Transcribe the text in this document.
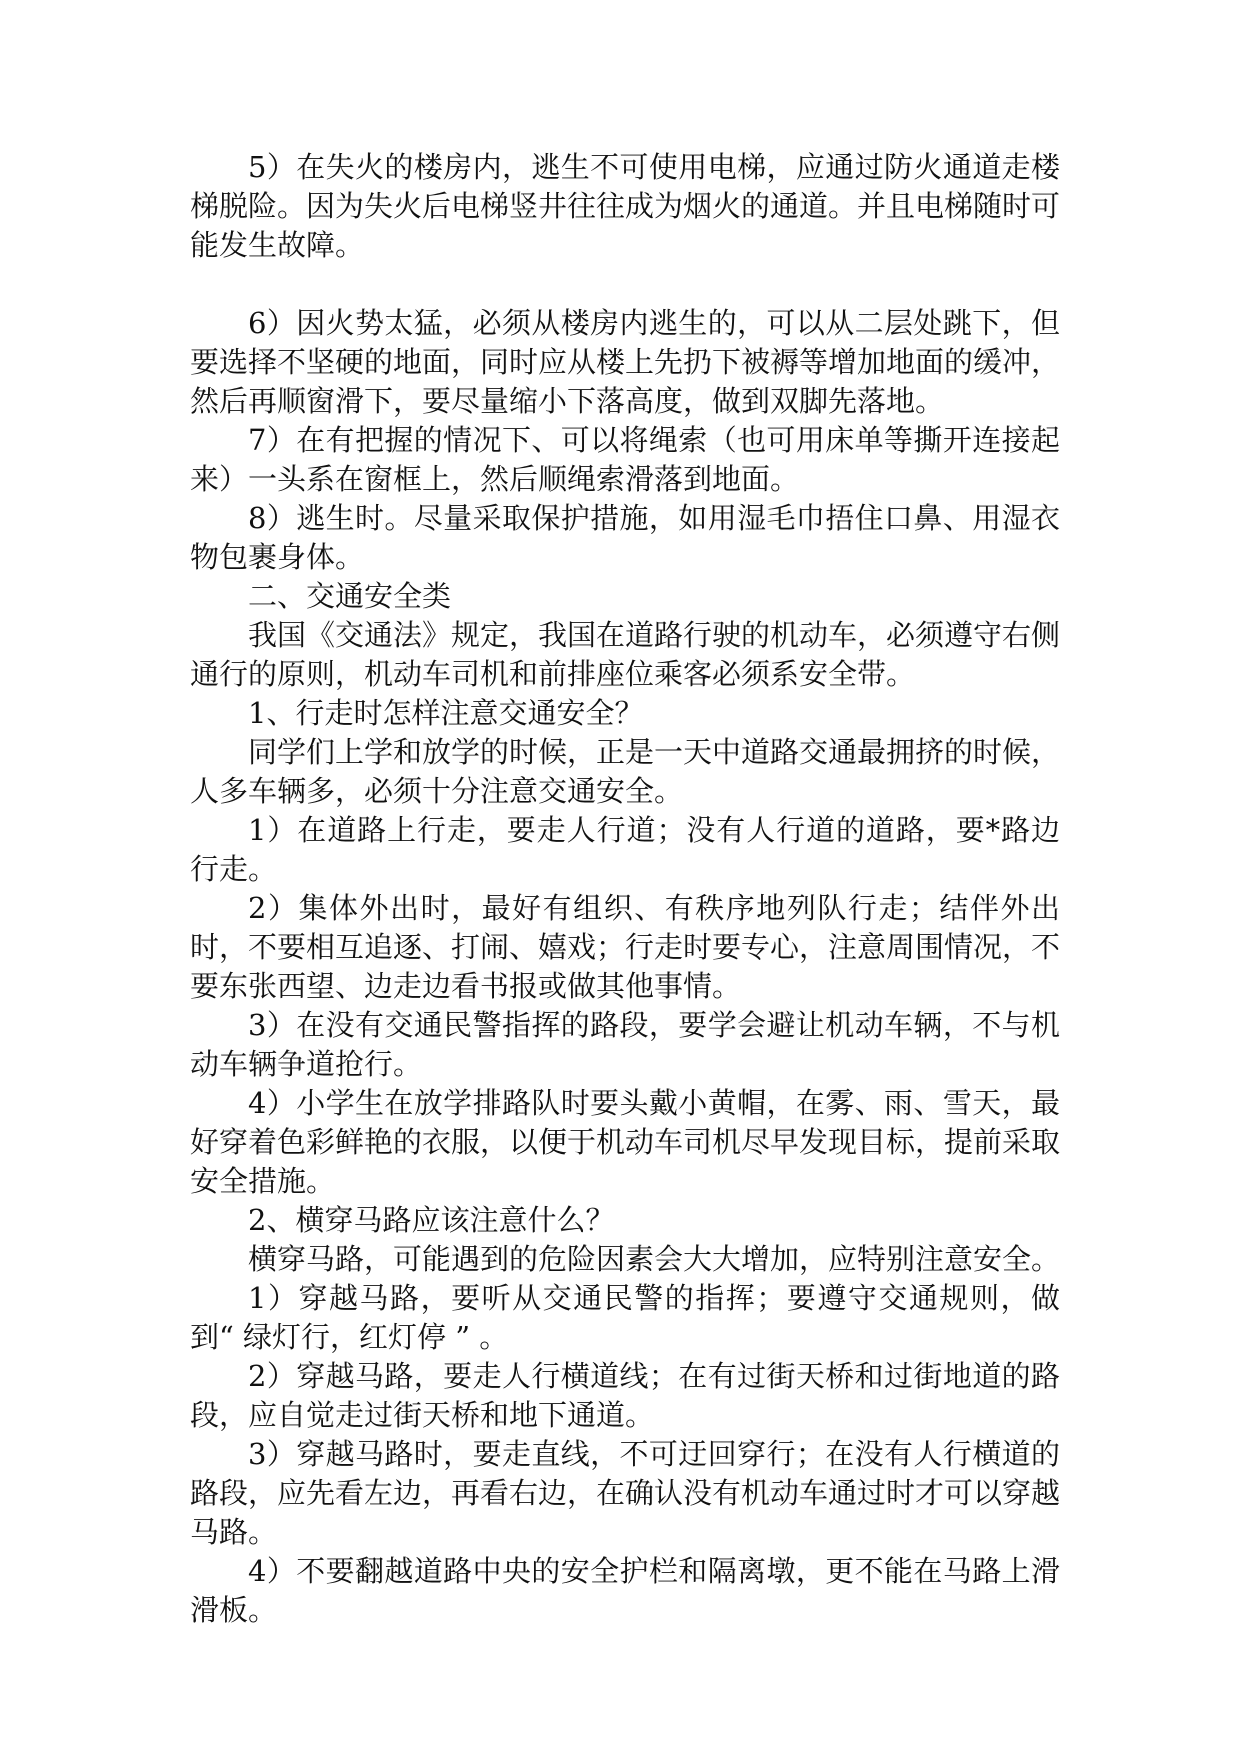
5）在失火的楼房内，逃生不可使用电梯，应通过防火通道走楼梯脱险。因为失火后电梯竖井往往成为烟火的通道。并且电梯随时可能发生故障。

6）因火势太猛，必须从楼房内逃生的，可以从二层处跳下，但要选择不坚硬的地面，同时应从楼上先扔下被褥等增加地面的缓冲，然后再顺窗滑下，要尽量缩小下落高度，做到双脚先落地。

7）在有把握的情况下、可以将绳索（也可用床单等撕开连接起来）一头系在窗框上，然后顺绳索滑落到地面。

8）逃生时。尽量采取保护措施，如用湿毛巾捂住口鼻、用湿衣物包裹身体。

二、交通安全类

我国《交通法》规定，我国在道路行驶的机动车，必须遵守右侧通行的原则，机动车司机和前排座位乘客必须系安全带。

1、行走时怎样注意交通安全？

同学们上学和放学的时候，正是一天中道路交通最拥挤的时候，人多车辆多，必须十分注意交通安全。

1）在道路上行走，要走人行道；没有人行道的道路，要*路边行走。

2）集体外出时，最好有组织、有秩序地列队行走；结伴外出时，不要相互追逐、打闹、嬉戏；行走时要专心，注意周围情况，不要东张西望、边走边看书报或做其他事情。

3）在没有交通民警指挥的路段，要学会避让机动车辆，不与机动车辆争道抢行。

4）小学生在放学排路队时要头戴小黄帽，在雾、雨、雪天，最好穿着色彩鲜艳的衣服，以便于机动车司机尽早发现目标，提前采取安全措施。

2、横穿马路应该注意什么？

横穿马路，可能遇到的危险因素会大大增加，应特别注意安全。

1）穿越马路，要听从交通民警的指挥；要遵守交通规则，做到“ 绿灯行，红灯停 ” 。

2）穿越马路，要走人行横道线；在有过街天桥和过街地道的路段，应自觉走过街天桥和地下通道。

3）穿越马路时，要走直线，不可迂回穿行；在没有人行横道的路段，应先看左边，再看右边，在确认没有机动车通过时才可以穿越马路。

4）不要翻越道路中央的安全护栏和隔离墩，更不能在马路上滑滑板。
